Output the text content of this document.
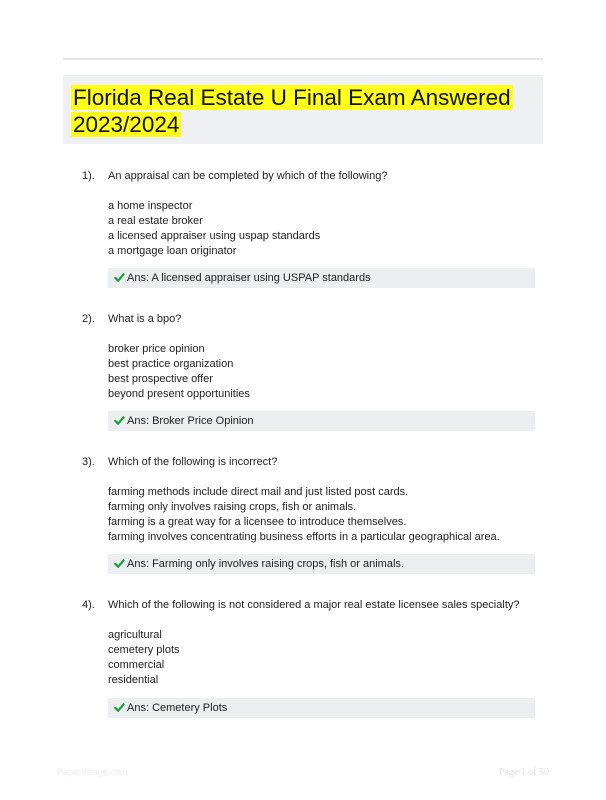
Florida Real Estate U Final Exam Answered 2023/2024
1). An appraisal can be completed by which of the following?
a home inspector
a real estate broker
a licensed appraiser using uspap standards
a mortgage loan originator
Ans: A licensed appraiser using USPAP standards
2). What is a bpo?
broker price opinion
best practice organization
best prospective offer
beyond present opportunities
Ans: Broker Price Opinion
3). Which of the following is incorrect?
farming methods include direct mail and just listed post cards.
farming only involves raising crops, fish or animals.
farming is a great way for a licensee to introduce themselves.
farming involves concentrating business efforts in a particular geographical area.
Ans: Farming only involves raising crops, fish or animals.
4). Which of the following is not considered a major real estate licensee sales specialty?
agricultural
cemetery plots
commercial
residential
Ans: Cemetery Plots
PaperVillage.com	Page 1 of 50
